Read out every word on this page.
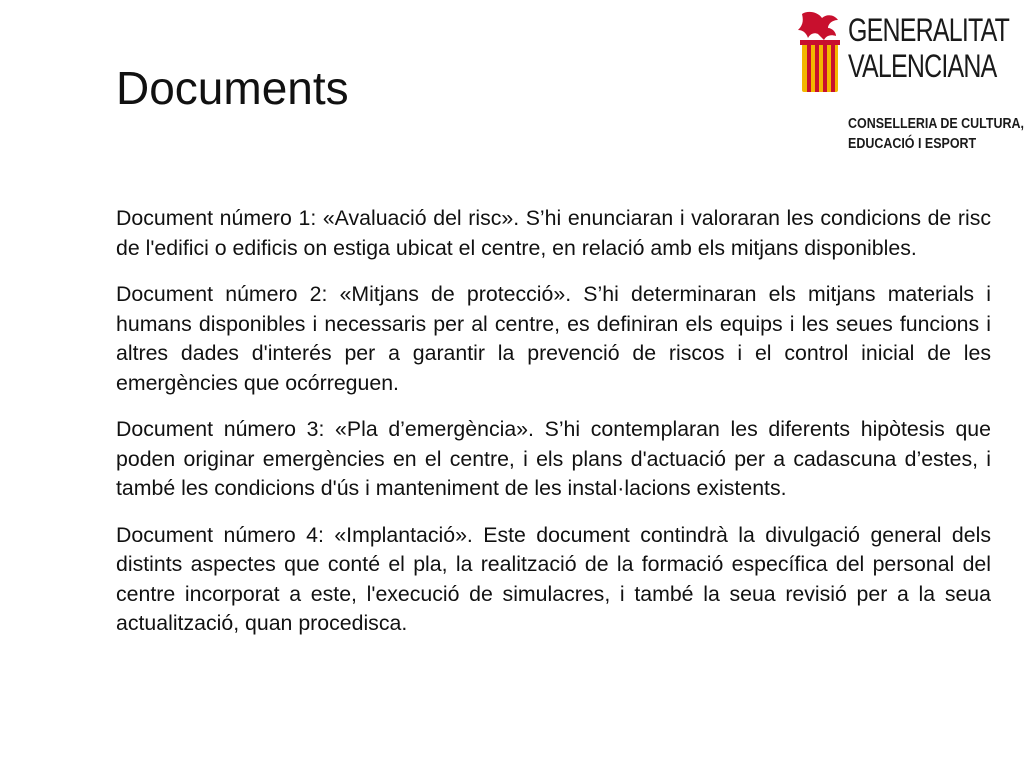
Documents
GENERALITAT
VALENCIANA
CONSELLERIA DE CULTURA,
EDUCACIÓ I ESPORT

Document número 1: «Avaluació del risc». S’hi enunciaran i valoraran les condicions de risc de l'edifici o edificis on estiga ubicat el centre, en relació amb els mitjans disponibles.

Document número 2: «Mitjans de protecció». S’hi determinaran els mitjans materials i humans disponibles i necessaris per al centre, es definiran els equips i les seues funcions i altres dades d'interés per a garantir la prevenció de riscos i el control inicial de les emergències que ocórreguen.

Document número 3: «Pla d’emergència». S’hi contemplaran les diferents hipòtesis que poden originar emergències en el centre, i els plans d'actuació per a cadascuna d’estes, i també les condicions d'ús i manteniment de les instal·lacions existents.

Document número 4: «Implantació». Este document contindrà la divulgació general dels distints aspectes que conté el pla, la realització de la formació específica del personal del centre incorporat a este, l'execució de simulacres, i també la seua revisió per a la seua actualització, quan procedisca.
